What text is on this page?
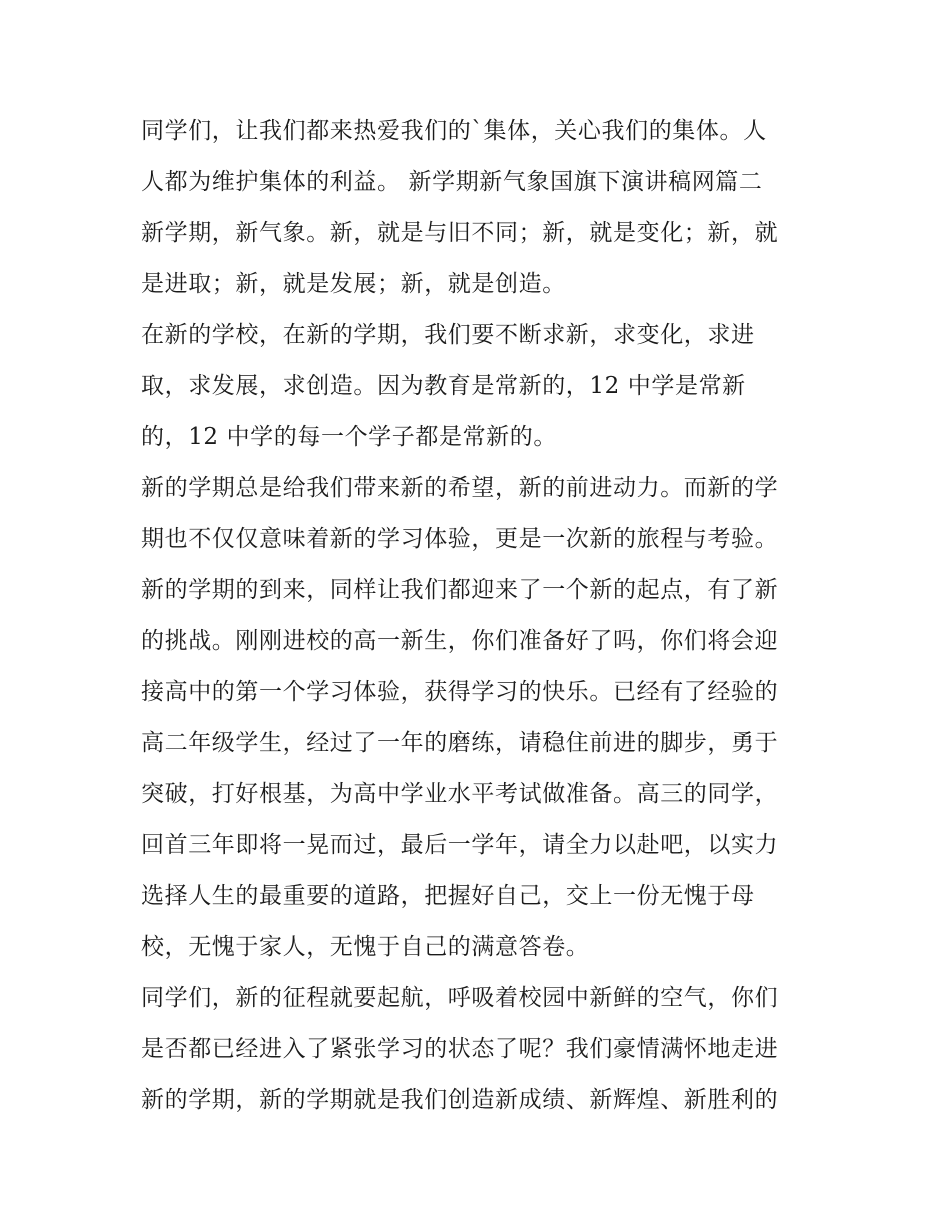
同学们，让我们都来热爱我们的`集体，关心我们的集体。人
人都为维护集体的利益。 新学期新气象国旗下演讲稿网篇二
新学期，新气象。新，就是与旧不同；新，就是变化；新，就
是进取；新，就是发展；新，就是创造。
在新的学校，在新的学期，我们要不断求新，求变化，求进
取，求发展，求创造。因为教育是常新的，12 中学是常新
的，12 中学的每一个学子都是常新的。
新的学期总是给我们带来新的希望，新的前进动力。而新的学
期也不仅仅意味着新的学习体验，更是一次新的旅程与考验。
新的学期的到来，同样让我们都迎来了一个新的起点，有了新
的挑战。刚刚进校的高一新生，你们准备好了吗，你们将会迎
接高中的第一个学习体验，获得学习的快乐。已经有了经验的
高二年级学生，经过了一年的磨练，请稳住前进的脚步，勇于
突破，打好根基，为高中学业水平考试做准备。高三的同学，
回首三年即将一晃而过，最后一学年，请全力以赴吧，以实力
选择人生的最重要的道路，把握好自己，交上一份无愧于母
校，无愧于家人，无愧于自己的满意答卷。
同学们，新的征程就要起航，呼吸着校园中新鲜的空气，你们
是否都已经进入了紧张学习的状态了呢？我们豪情满怀地走进
新的学期，新的学期就是我们创造新成绩、新辉煌、新胜利的
